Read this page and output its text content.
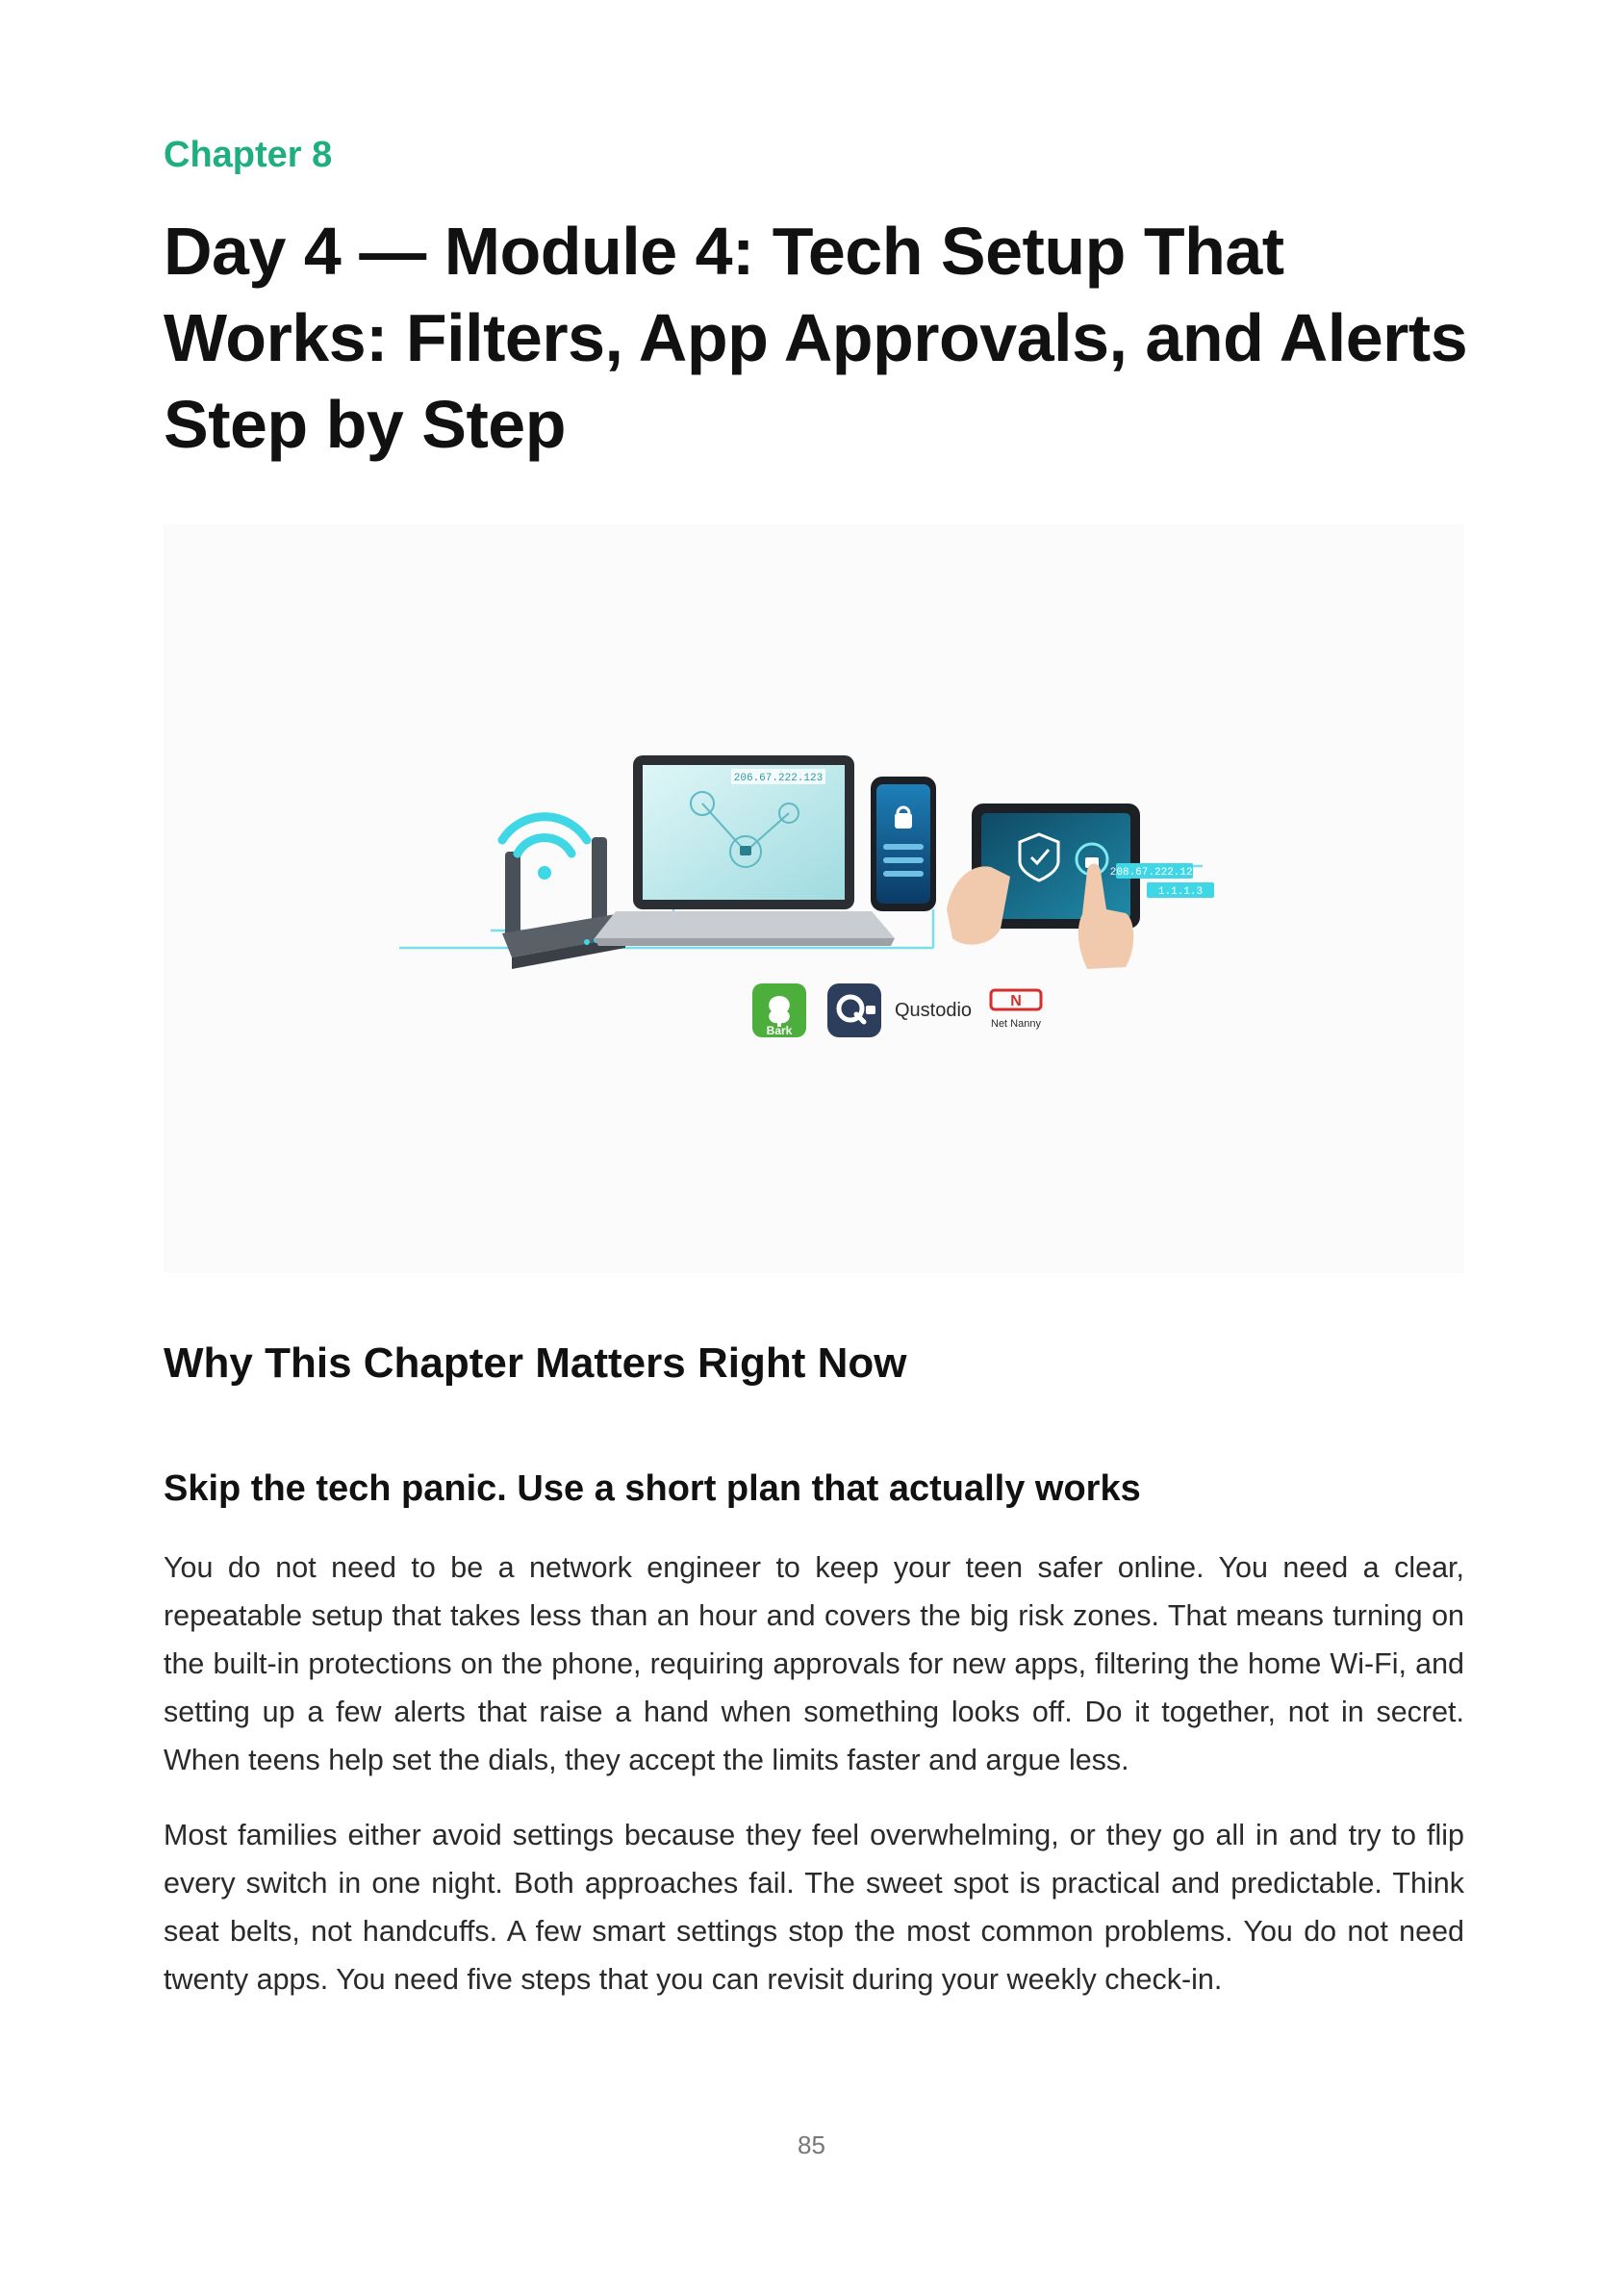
Chapter 8

Day 4 — Module 4: Tech Setup That Works: Filters, App Approvals, and Alerts Step by Step
206.67.222.123
208.67.222.123
1.1.1.3
Bark
Qustodio	N
Net Nanny
Why This Chapter Matters Right Now
Skip the tech panic. Use a short plan that actually works

You do not need to be a network engineer to keep your teen safer online. You need a clear, repeatable setup that takes less than an hour and covers the big risk zones. That means turning on the built-in protections on the phone, requiring approvals for new apps, filtering the home Wi-Fi, and setting up a few alerts that raise a hand when something looks off. Do it together, not in secret. When teens help set the dials, they accept the limits faster and argue less.

Most families either avoid settings because they feel overwhelming, or they go all in and try to flip every switch in one night. Both approaches fail. The sweet spot is practical and predictable. Think seat belts, not handcuffs. A few smart settings stop the most common problems. You do not need twenty apps. You need five steps that you can revisit during your weekly check-in.

85
